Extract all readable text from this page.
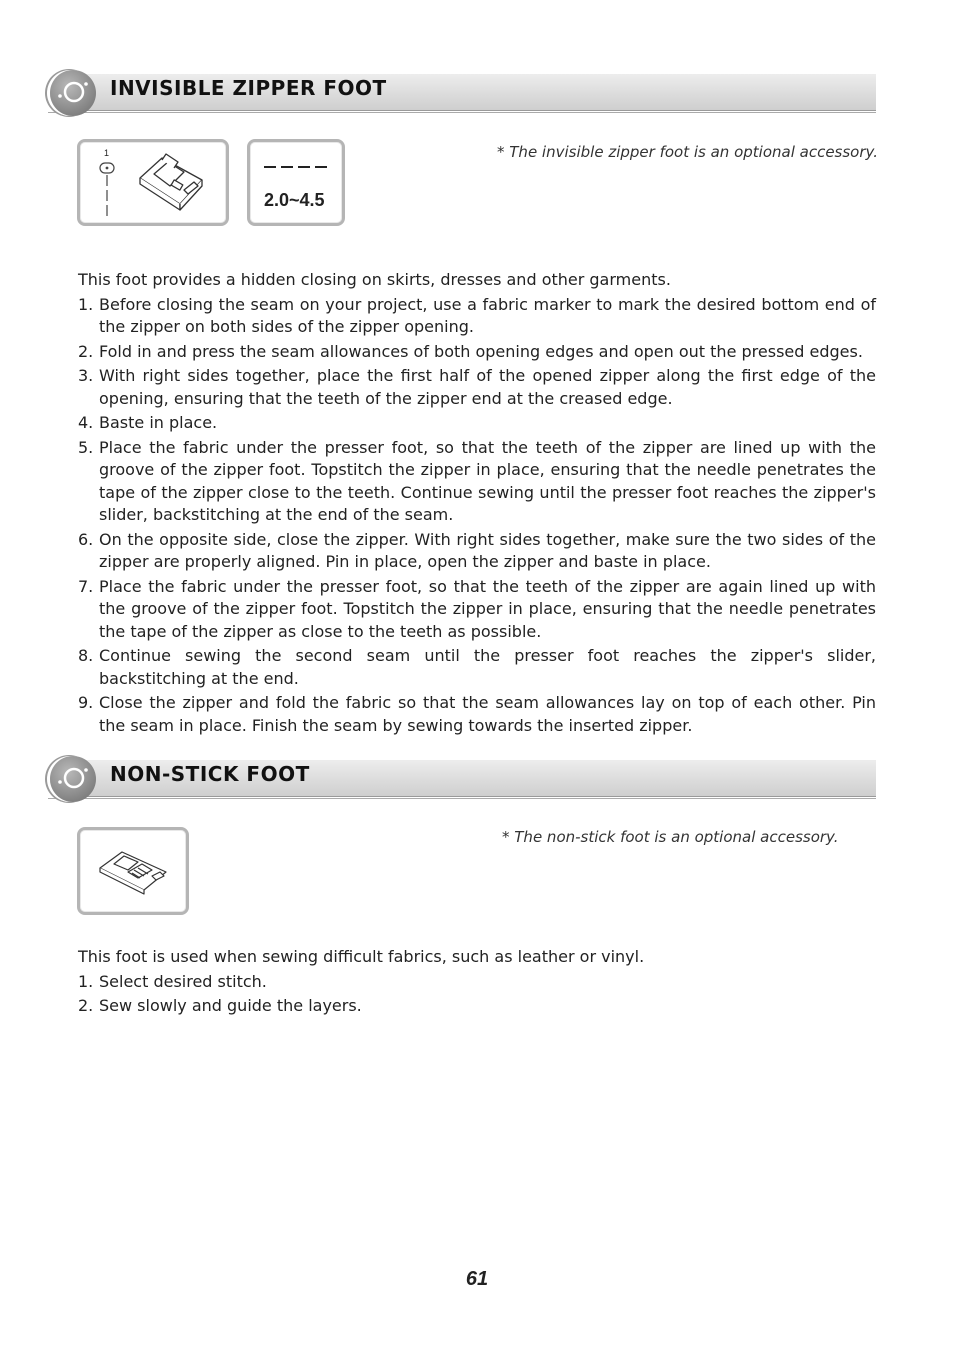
INVISIBLE ZIPPER FOOT
1
2.0~4.5
* The invisible zipper foot is an optional accessory.

This foot provides a hidden closing on skirts, dresses and other garments.

1. Before closing the seam on your project, use a fabric marker to mark the desired bottom end of the zipper on both sides of the zipper opening.
2. Fold in and press the seam allowances of both opening edges and open out the pressed edges.
3. With right sides together, place the first half of the opened zipper along the first edge of the opening, ensuring that the teeth of the zipper end at the creased edge.
4. Baste in place.
5. Place the fabric under the presser foot, so that the teeth of the zipper are lined up with the groove of the zipper foot. Topstitch the zipper in place, ensuring that the needle penetrates the tape of the zipper close to the teeth. Continue sewing until the presser foot reaches the zipper's slider, backstitching at the end of the seam.
6. On the opposite side, close the zipper. With right sides together, make sure the two sides of the zipper are properly aligned. Pin in place, open the zipper and baste in place.
7. Place the fabric under the presser foot, so that the teeth of the zipper are again lined up with the groove of the zipper foot. Topstitch the zipper in place, ensuring that the needle penetrates the tape of the zipper as close to the teeth as possible.
8. Continue sewing the second seam until the presser foot reaches the zipper's slider, backstitching at the end.
9. Close the zipper and fold the fabric so that the seam allowances lay on top of each other. Pin the seam in place. Finish the seam by sewing towards the inserted zipper.
NON-STICK FOOT
* The non-stick foot is an optional accessory.

This foot is used when sewing difficult fabrics, such as leather or vinyl.

1. Select desired stitch.
2. Sew slowly and guide the layers.
61
